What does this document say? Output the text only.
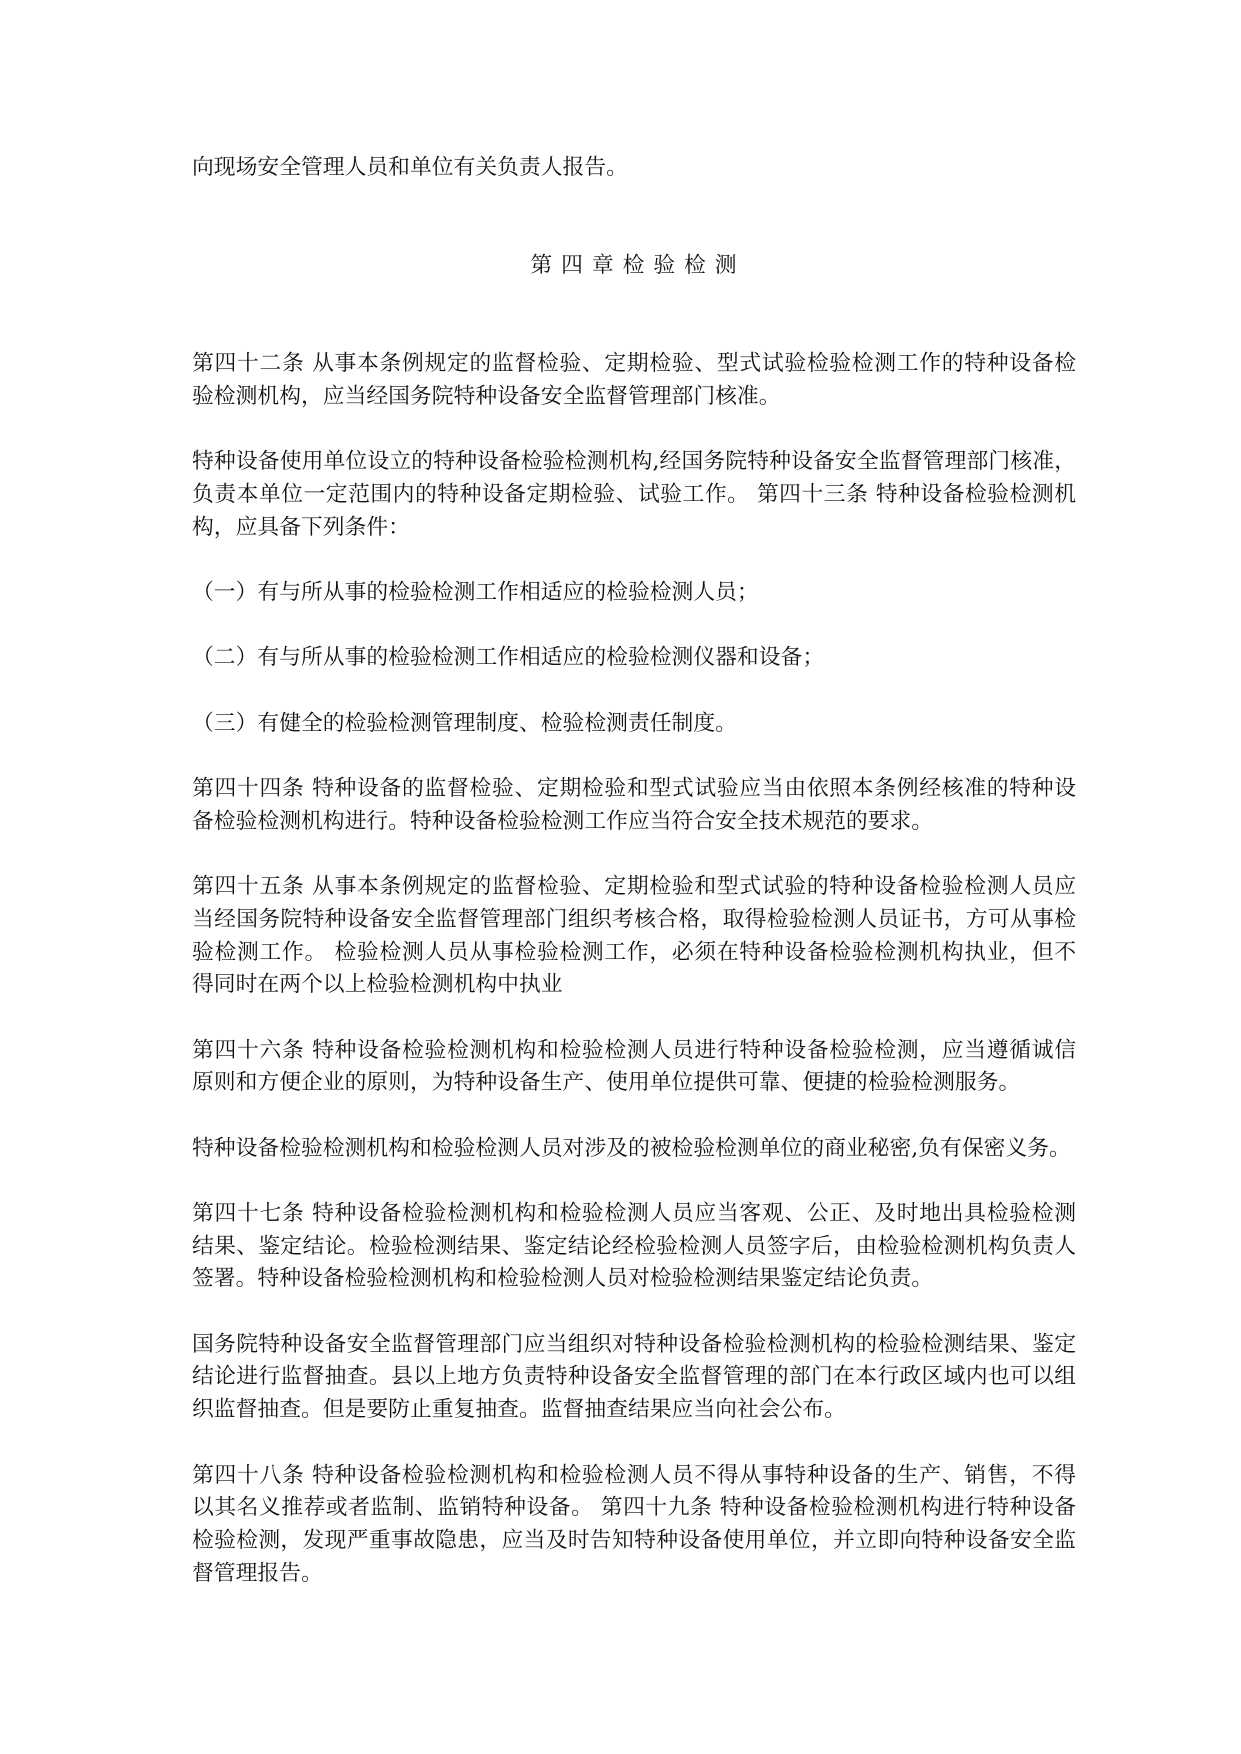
向现场安全管理人员和单位有关负责人报告。
第 四 章 检 验 检 测
第四十二条 从事本条例规定的监督检验、定期检验、型式试验检验检测工作的特种设备检
验检测机构，应当经国务院特种设备安全监督管理部门核准。
特种设备使用单位设立的特种设备检验检测机构,经国务院特种设备安全监督管理部门核准，
负责本单位一定范围内的特种设备定期检验、试验工作。 第四十三条 特种设备检验检测机
构，应具备下列条件：
（一）有与所从事的检验检测工作相适应的检验检测人员；
（二）有与所从事的检验检测工作相适应的检验检测仪器和设备；
（三）有健全的检验检测管理制度、检验检测责任制度。
第四十四条 特种设备的监督检验、定期检验和型式试验应当由依照本条例经核准的特种设
备检验检测机构进行。特种设备检验检测工作应当符合安全技术规范的要求。
第四十五条 从事本条例规定的监督检验、定期检验和型式试验的特种设备检验检测人员应
当经国务院特种设备安全监督管理部门组织考核合格，取得检验检测人员证书，方可从事检
验检测工作。 检验检测人员从事检验检测工作，必须在特种设备检验检测机构执业，但不
得同时在两个以上检验检测机构中执业
第四十六条 特种设备检验检测机构和检验检测人员进行特种设备检验检测，应当遵循诚信
原则和方便企业的原则，为特种设备生产、使用单位提供可靠、便捷的检验检测服务。
特种设备检验检测机构和检验检测人员对涉及的被检验检测单位的商业秘密,负有保密义务。
第四十七条 特种设备检验检测机构和检验检测人员应当客观、公正、及时地出具检验检测
结果、鉴定结论。检验检测结果、鉴定结论经检验检测人员签字后，由检验检测机构负责人
签署。特种设备检验检测机构和检验检测人员对检验检测结果鉴定结论负责。
国务院特种设备安全监督管理部门应当组织对特种设备检验检测机构的检验检测结果、鉴定
结论进行监督抽查。县以上地方负责特种设备安全监督管理的部门在本行政区域内也可以组
织监督抽查。但是要防止重复抽查。监督抽查结果应当向社会公布。
第四十八条 特种设备检验检测机构和检验检测人员不得从事特种设备的生产、销售，不得
以其名义推荐或者监制、监销特种设备。 第四十九条 特种设备检验检测机构进行特种设备
检验检测，发现严重事故隐患，应当及时告知特种设备使用单位，并立即向特种设备安全监
督管理报告。
